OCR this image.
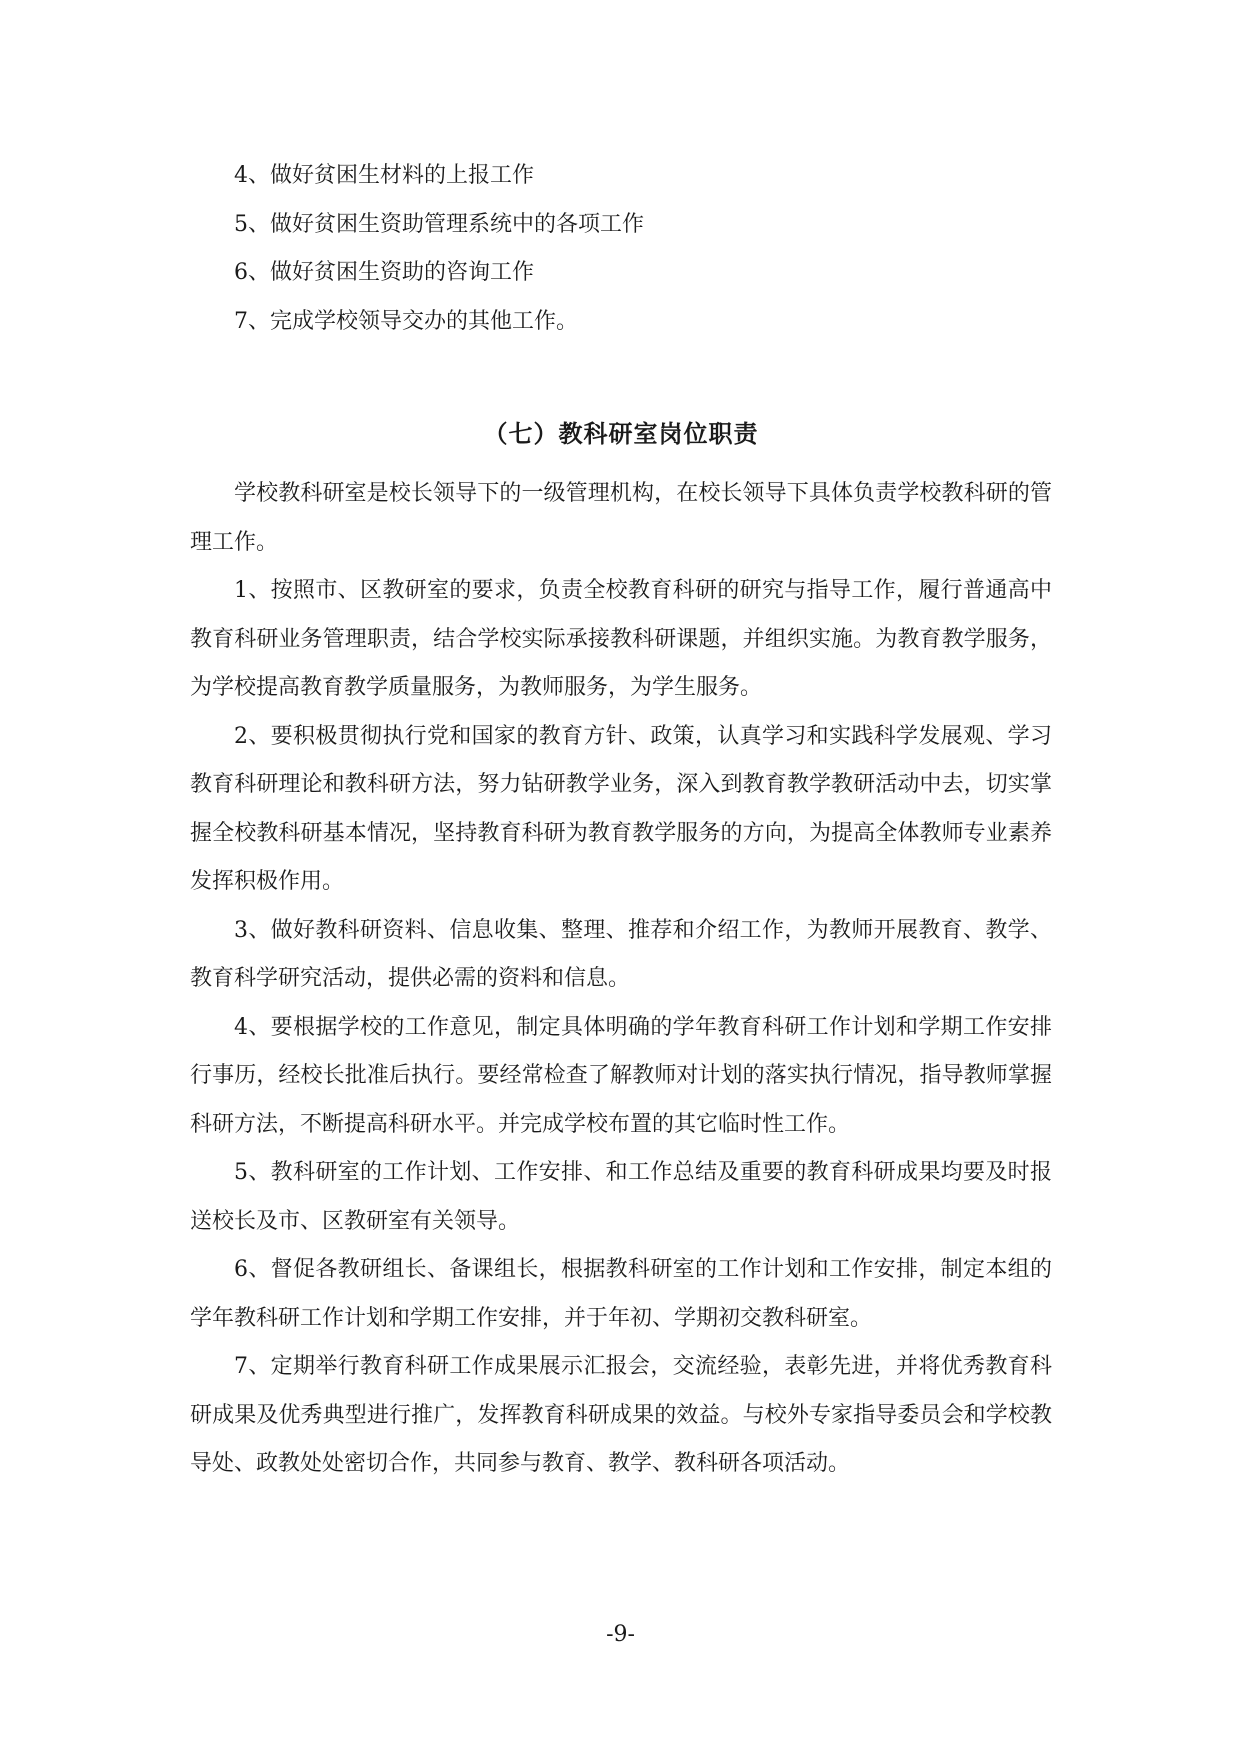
4、做好贫困生材料的上报工作
5、做好贫困生资助管理系统中的各项工作
6、做好贫困生资助的咨询工作
7、完成学校领导交办的其他工作。
（七）教科研室岗位职责

学校教科研室是校长领导下的一级管理机构，在校长领导下具体负责学校教科研的管理工作。

1、按照市、区教研室的要求，负责全校教育科研的研究与指导工作，履行普通高中教育科研业务管理职责，结合学校实际承接教科研课题，并组织实施。为教育教学服务，为学校提高教育教学质量服务，为教师服务，为学生服务。

2、要积极贯彻执行党和国家的教育方针、政策，认真学习和实践科学发展观、学习教育科研理论和教科研方法，努力钻研教学业务，深入到教育教学教研活动中去，切实掌握全校教科研基本情况，坚持教育科研为教育教学服务的方向，为提高全体教师专业素养发挥积极作用。

3、做好教科研资料、信息收集、整理、推荐和介绍工作，为教师开展教育、教学、教育科学研究活动，提供必需的资料和信息。

4、要根据学校的工作意见，制定具体明确的学年教育科研工作计划和学期工作安排行事历，经校长批准后执行。要经常检查了解教师对计划的落实执行情况，指导教师掌握科研方法，不断提高科研水平。并完成学校布置的其它临时性工作。

5、教科研室的工作计划、工作安排、和工作总结及重要的教育科研成果均要及时报送校长及市、区教研室有关领导。

6、督促各教研组长、备课组长，根据教科研室的工作计划和工作安排，制定本组的学年教科研工作计划和学期工作安排，并于年初、学期初交教科研室。

7、定期举行教育科研工作成果展示汇报会，交流经验，表彰先进，并将优秀教育科研成果及优秀典型进行推广，发挥教育科研成果的效益。与校外专家指导委员会和学校教导处、政教处处密切合作，共同参与教育、教学、教科研各项活动。

-9-
